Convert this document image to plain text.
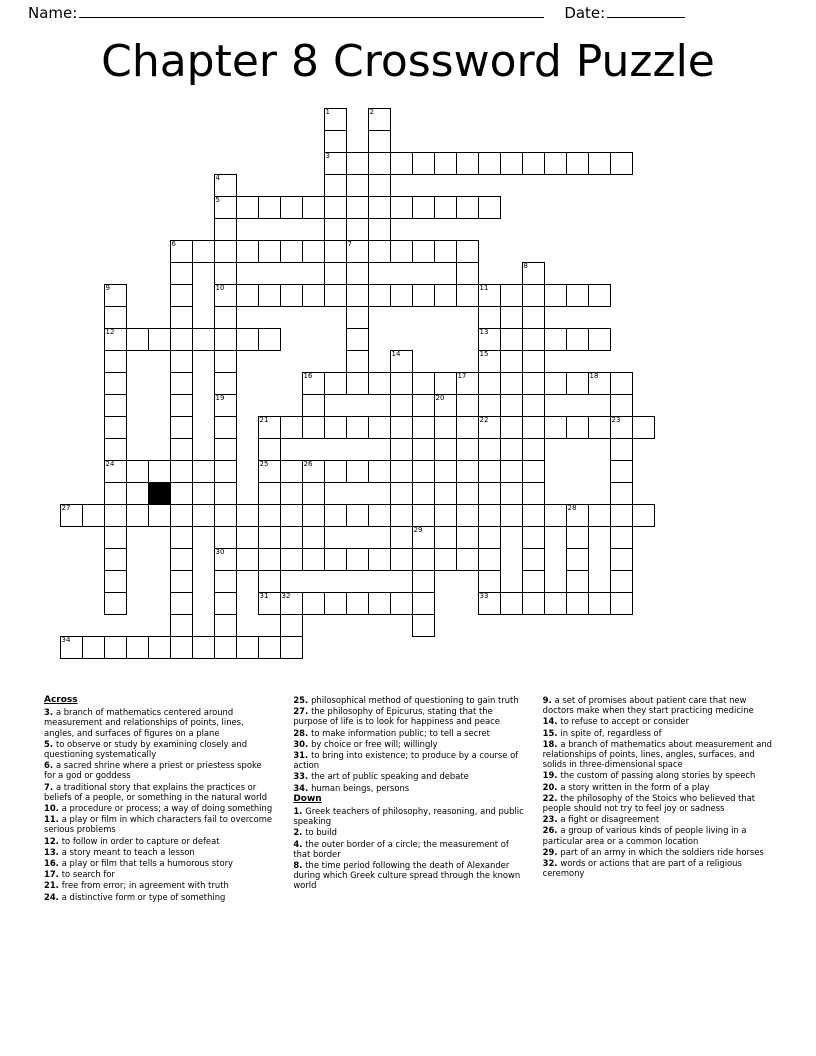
Name:	Date:
Chapter 8 Crossword Puzzle
1	2
3
4
5
6	7
8
9	10	11
12	13
14	15
16	17	18
19	20
21	22	23
24	25	26
27	28
29
30
31 32	33
34
Across

3. a branch of mathematics centered around measurement and relationships of points, lines, angles, and surfaces of figures on a plane

5. to observe or study by examining closely and questioning systematically

6. a sacred shrine where a priest or priestess spoke for a god or goddess

7. a traditional story that explains the practices or beliefs of a people, or something in the natural world

10. a procedure or process; a way of doing something

11. a play or film in which characters fail to overcome serious problems

12. to follow in order to capture or defeat

13. a story meant to teach a lesson

16. a play or film that tells a humorous story

17. to search for

21. free from error; in agreement with truth

24. a distinctive form or type of something

25. philosophical method of questioning to gain truth

27. the philosophy of Epicurus, stating that the purpose of life is to look for happiness and peace

28. to make information public; to tell a secret

30. by choice or free will; willingly

31. to bring into existence; to produce by a course of action

33. the art of public speaking and debate

34. human beings, persons

Down

1. Greek teachers of philosophy, reasoning, and public speaking

2. to build

4. the outer border of a circle; the measurement of that border

8. the time period following the death of Alexander during which Greek culture spread through the known world

9. a set of promises about patient care that new doctors make when they start practicing medicine

14. to refuse to accept or consider

15. in spite of, regardless of

18. a branch of mathematics about measurement and relationships of points, lines, angles, surfaces, and solids in three-dimensional space

19. the custom of passing along stories by speech

20. a story written in the form of a play

22. the philosophy of the Stoics who believed that people should not try to feel joy or sadness

23. a fight or disagreement

26. a group of various kinds of people living in a particular area or a common location

29. part of an army in which the soldiers ride horses

32. words or actions that are part of a religious ceremony
